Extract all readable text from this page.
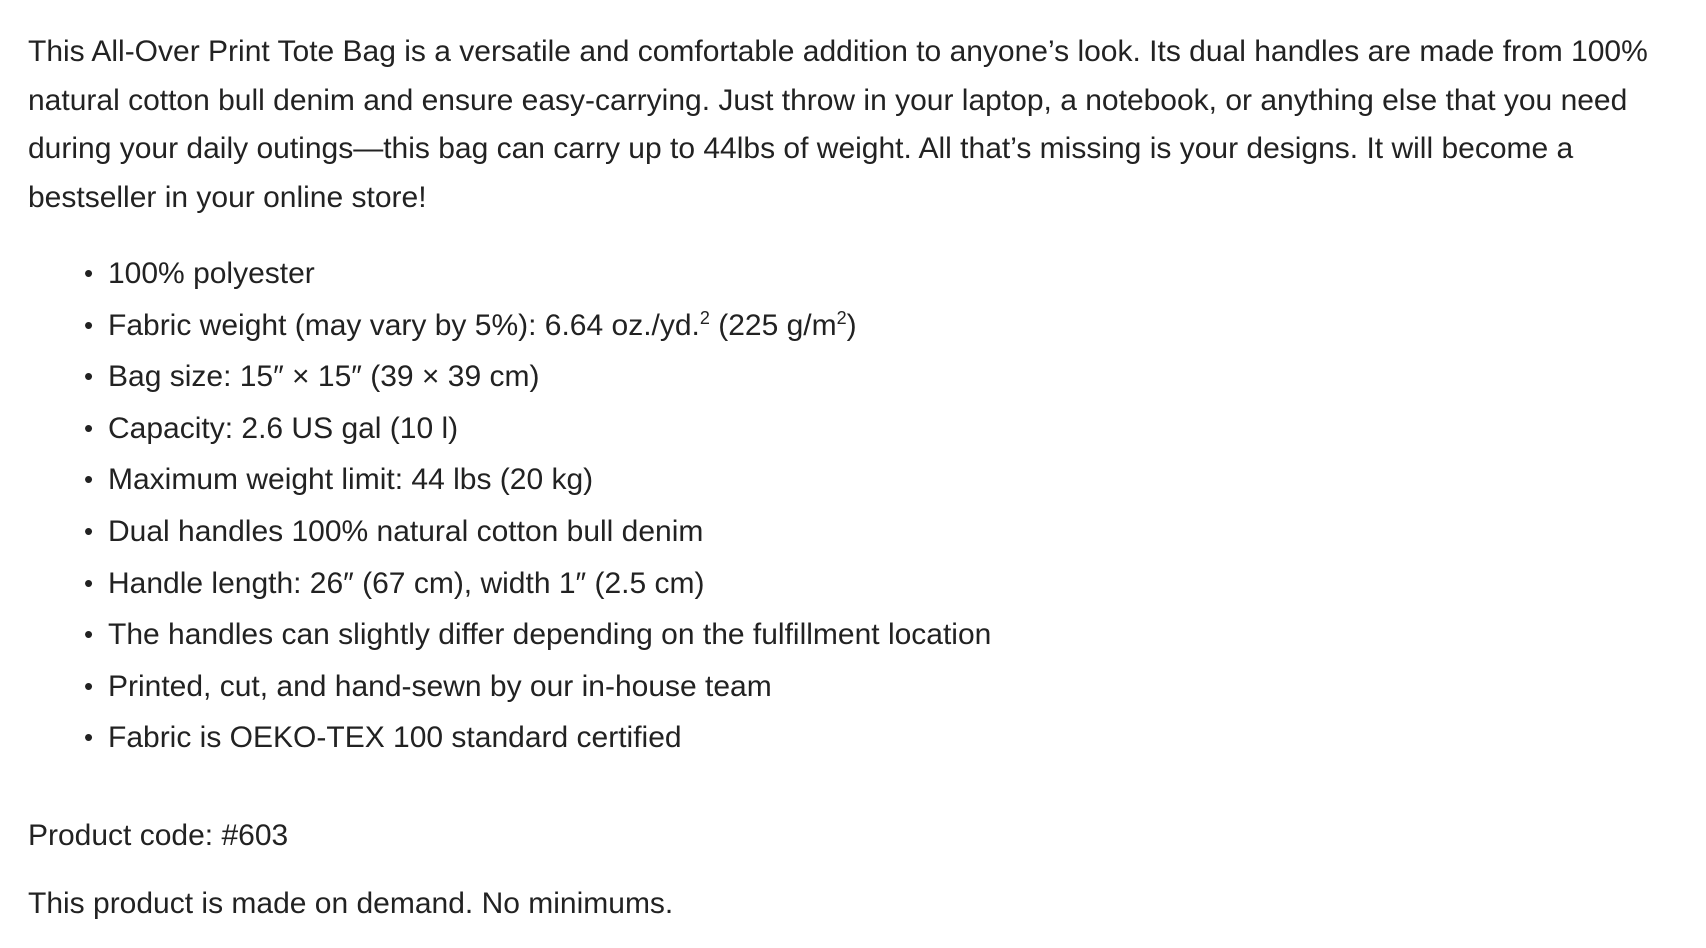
This All-Over Print Tote Bag is a versatile and comfortable addition to anyone’s look. Its dual handles are made from 100% natural cotton bull denim and ensure easy-carrying. Just throw in your laptop, a notebook, or anything else that you need during your daily outings—this bag can carry up to 44lbs of weight. All that’s missing is your designs. It will become a bestseller in your online store!

• 100% polyester
• Fabric weight (may vary by 5%): 6.64 oz./yd.$^2$ (225 $g/m^2$)
• Bag size: 15″ × 15″ (39 × 39 cm)
• Capacity: 2.6 US gal (10 l)
• Maximum weight limit: 44 lbs (20 kg)
• Dual handles 100% natural cotton bull denim
• Handle length: 26″ (67 cm), width 1″ (2.5 cm)
• The handles can slightly differ depending on the fulfillment location
• Printed, cut, and hand-sewn by our in-house team
• Fabric is OEKO-TEX 100 standard certified

Product code: #603

This product is made on demand. No minimums.
